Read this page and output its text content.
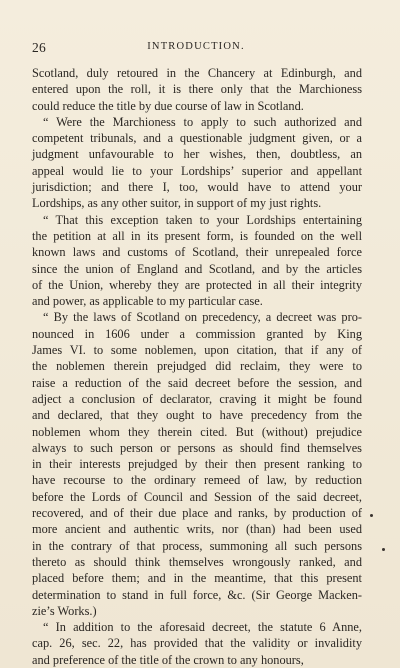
26	INTRODUCTION.
Scotland, duly retoured in the Chancery at Edinburgh, and
entered upon the roll, it is there only that the Marchioness
could reduce the title by due course of law in Scotland.
“ Were the Marchioness to apply to such authorized and
competent tribunals, and a questionable judgment given, or a
judgment unfavourable to her wishes, then, doubtless, an
appeal would lie to your Lordships’ superior and appellant
jurisdiction; and there I, too, would have to attend your
Lordships, as any other suitor, in support of my just rights.
“ That this exception taken to your Lordships entertaining
the petition at all in its present form, is founded on the well
known laws and customs of Scotland, their unrepealed force
since the union of England and Scotland, and by the articles
of the Union, whereby they are protected in all their integrity
and power, as applicable to my particular case.
“ By the laws of Scotland on precedency, a decreet was pro-
nounced in 1606 under a commission granted by King
James VI. to some noblemen, upon citation, that if any of
the noblemen therein prejudged did reclaim, they were to
raise a reduction of the said decreet before the session, and
adject a conclusion of declarator, craving it might be found
and declared, that they ought to have precedency from the
noblemen whom they therein cited. But (without) prejudice
always to such person or persons as should find themselves
in their interests prejudged by their then present ranking to
have recourse to the ordinary remeed of law, by reduction
before the Lords of Council and Session of the said decreet,
recovered, and of their due place and ranks, by production of
more ancient and authentic writs, nor (than) had been used
in the contrary of that process, summoning all such persons
thereto as should think themselves wrongously ranked, and
placed before them; and in the meantime, that this present
determination to stand in full force, &c. (Sir George Macken-
zie’s Works.)
“ In addition to the aforesaid decreet, the statute 6 Anne,
cap. 26, sec. 22, has provided that the validity or invalidity
and preference of the title of the crown to any honours,
